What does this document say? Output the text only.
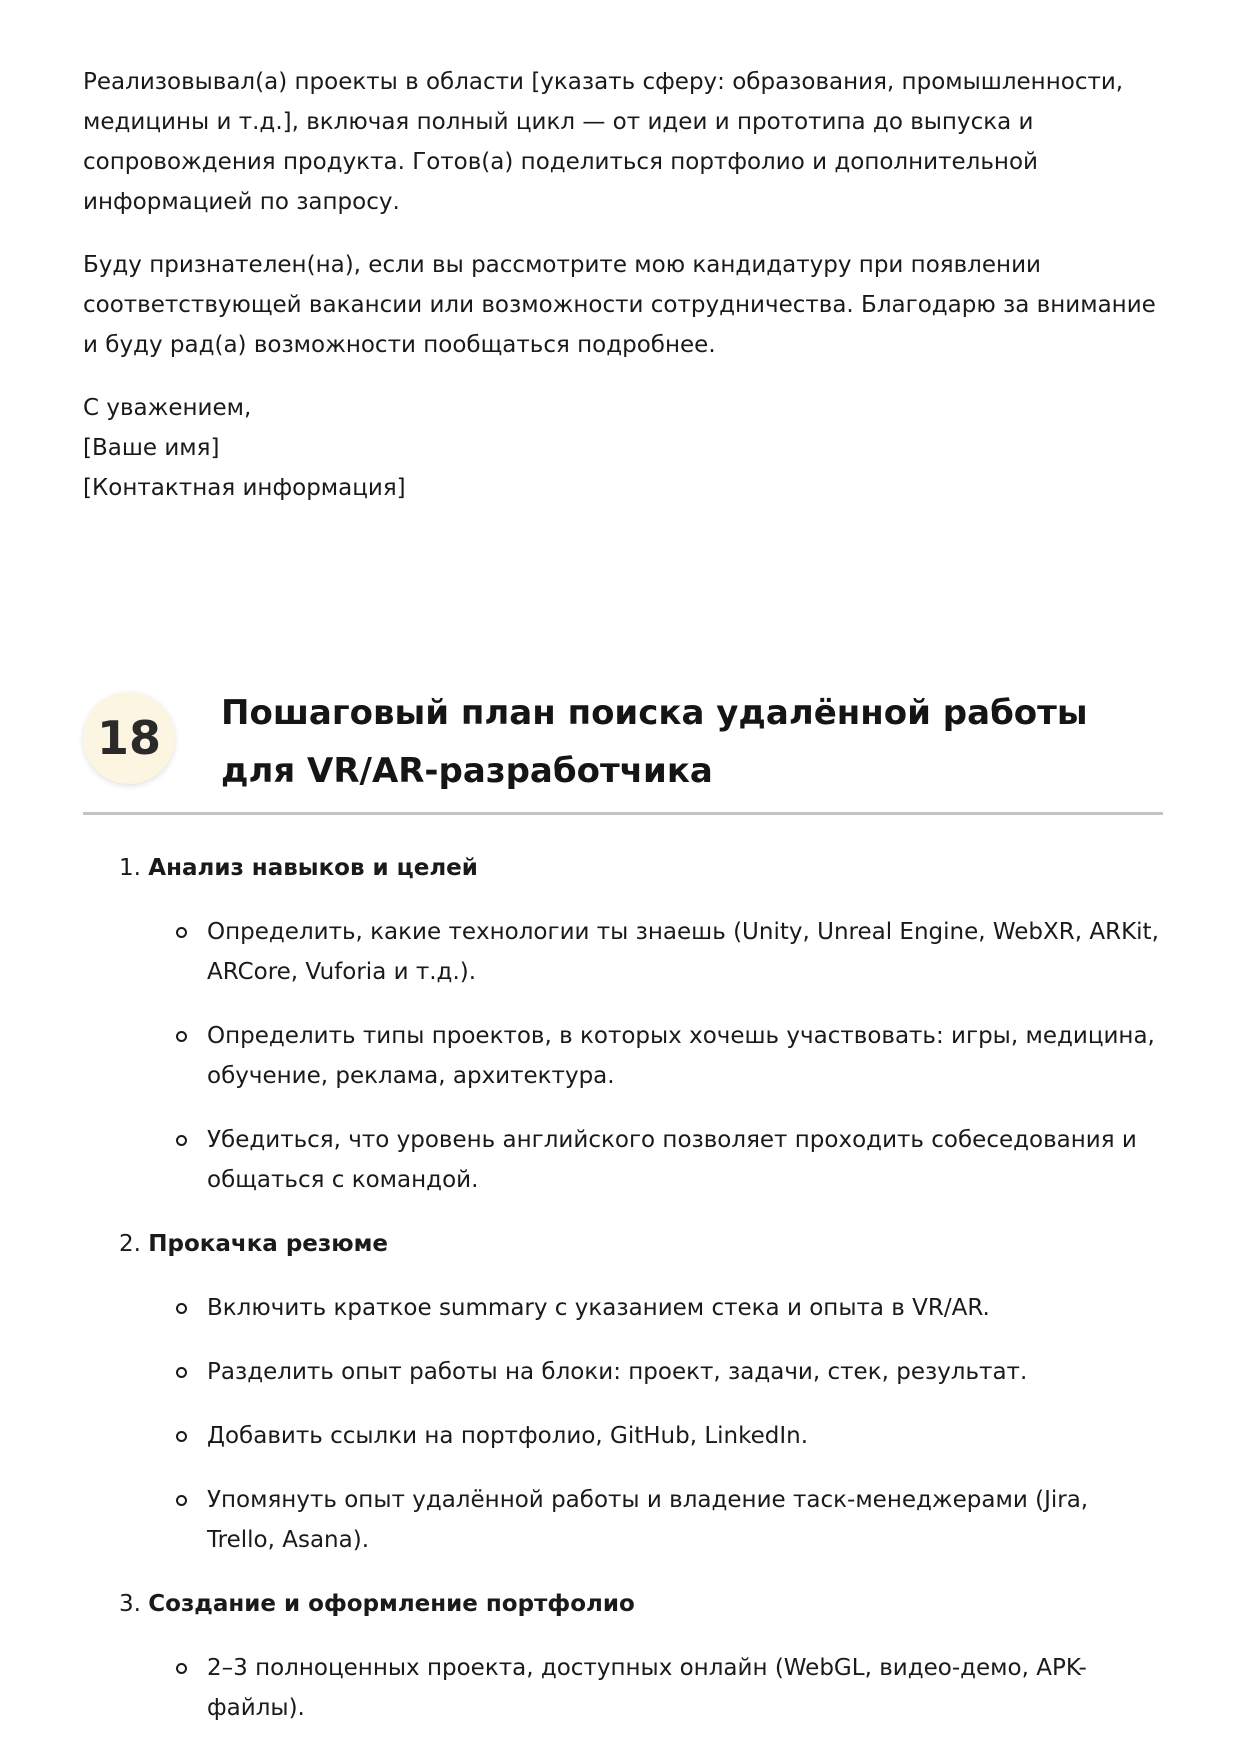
Реализовывал(а) проекты в области [указать сферу: образования, промышленности, медицины и т.д.], включая полный цикл — от идеи и прототипа до выпуска и сопровождения продукта. Готов(а) поделиться портфолио и дополнительной информацией по запросу.

Буду признателен(на), если вы рассмотрите мою кандидатуру при появлении соответствующей вакансии или возможности сотрудничества. Благодарю за внимание и буду рад(а) возможности пообщаться подробнее.

С уважением,
[Ваше имя]
[Контактная информация]
18	Пошаговый план поиска удалённой работы для VR/AR-разработчика
1. Анализ навыков и целей
Определить, какие технологии ты знаешь (Unity, Unreal Engine, WebXR, ARKit, ARCore, Vuforia и т.д.).
Определить типы проектов, в которых хочешь участвовать: игры, медицина, обучение, реклама, архитектура.
Убедиться, что уровень английского позволяет проходить собеседования и общаться с командой.
2. Прокачка резюме
Включить краткое summary с указанием стека и опыта в VR/AR.
Разделить опыт работы на блоки: проект, задачи, стек, результат.
Добавить ссылки на портфолио, GitHub, LinkedIn.
Упомянуть опыт удалённой работы и владение таск-менеджерами (Jira, Trello, Asana).
3. Создание и оформление портфолио
2–3 полноценных проекта, доступных онлайн (WebGL, видео-демо, APK-файлы).
